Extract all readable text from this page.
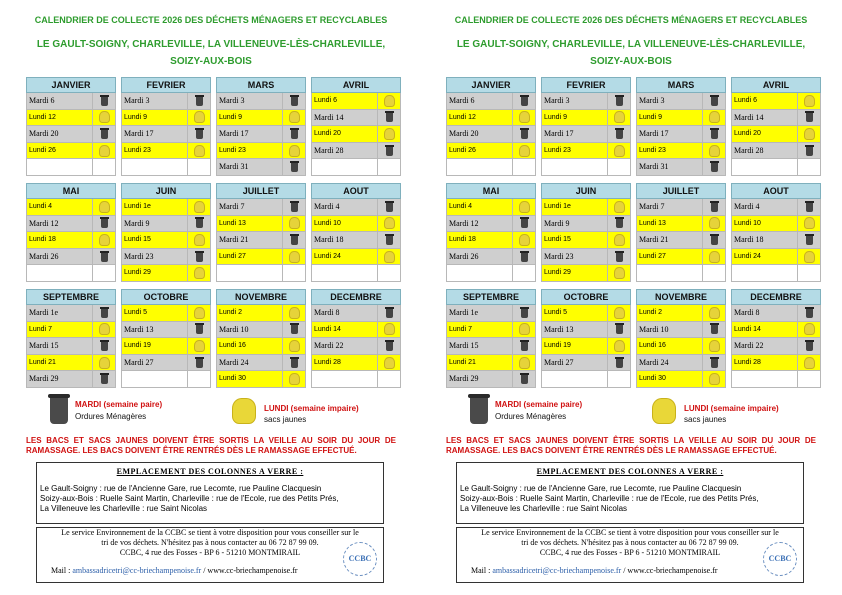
CALENDRIER DE COLLECTE 2026 DES DÉCHETS MÉNAGERS ET RECYCLABLES
LE GAULT-SOIGNY, CHARLEVILLE, LA VILLENEUVE-LÈS-CHARLEVILLE,
SOIZY-AUX-BOIS
JANVIER
Mardi 6
Lundi 12
Mardi 20
Lundi 26
FEVRIER
Mardi 3
Lundi 9
Mardi 17
Lundi 23
MARS
Mardi 3
Lundi 9
Mardi 17
Lundi 23
Mardi 31
AVRIL
Lundi 6
Mardi 14
Lundi 20
Mardi 28
MAI
Lundi 4
Mardi 12
Lundi 18
Mardi 26
JUIN
Lundi 1e
Mardi 9
Lundi 15
Mardi 23
Lundi 29
JUILLET
Mardi 7
Lundi 13
Mardi 21
Lundi 27
AOUT
Mardi 4
Lundi 10
Mardi 18
Lundi 24
SEPTEMBRE
Mardi 1e
Lundi 7
Mardi 15
Lundi 21
Mardi 29
OCTOBRE
Lundi 5
Mardi 13
Lundi 19
Mardi 27
NOVEMBRE
Lundi 2
Mardi 10
Lundi 16
Mardi 24
Lundi 30
DECEMBRE
Mardi 8
Lundi 14
Mardi 22
Lundi 28
MARDI (semaine paire)
Ordures Ménagères
LUNDI (semaine impaire)
sacs jaunes
LES BACS ET SACS JAUNES DOIVENT ÊTRE SORTIS LA VEILLE AU SOIR DU JOUR DE RAMASSAGE. LES BACS DOIVENT ÊTRE RENTRÉS DÈS LE RAMASSAGE EFFECTUÉ.
EMPLACEMENT DES COLONNES A VERRE :
Le Gault-Soigny : rue de l'Ancienne Gare, rue Lecomte, rue Pauline Clacquesin
Soizy-aux-Bois : Ruelle Saint Martin, Charleville : rue de l'Ecole, rue des Petits Prés,
La Villeneuve les Charleville : rue Saint Nicolas
Le service Environnement de la CCBC se tient à votre disposition pour vous conseiller sur le
tri de vos déchets. N'hésitez pas à nous contacter au 06 72 87 99 09.
CCBC, 4 rue des Fosses - BP 6 - 51210 MONTMIRAIL
Mail : ambassadricetri@cc-briechampenoise.fr / www.cc-briechampenoise.fr
CCBC
CALENDRIER DE COLLECTE 2026 DES DÉCHETS MÉNAGERS ET RECYCLABLES
LE GAULT-SOIGNY, CHARLEVILLE, LA VILLENEUVE-LÈS-CHARLEVILLE,
SOIZY-AUX-BOIS
JANVIER
Mardi 6
Lundi 12
Mardi 20
Lundi 26
FEVRIER
Mardi 3
Lundi 9
Mardi 17
Lundi 23
MARS
Mardi 3
Lundi 9
Mardi 17
Lundi 23
Mardi 31
AVRIL
Lundi 6
Mardi 14
Lundi 20
Mardi 28
MAI
Lundi 4
Mardi 12
Lundi 18
Mardi 26
JUIN
Lundi 1e
Mardi 9
Lundi 15
Mardi 23
Lundi 29
JUILLET
Mardi 7
Lundi 13
Mardi 21
Lundi 27
AOUT
Mardi 4
Lundi 10
Mardi 18
Lundi 24
SEPTEMBRE
Mardi 1e
Lundi 7
Mardi 15
Lundi 21
Mardi 29
OCTOBRE
Lundi 5
Mardi 13
Lundi 19
Mardi 27
NOVEMBRE
Lundi 2
Mardi 10
Lundi 16
Mardi 24
Lundi 30
DECEMBRE
Mardi 8
Lundi 14
Mardi 22
Lundi 28
MARDI (semaine paire)
Ordures Ménagères
LUNDI (semaine impaire)
sacs jaunes
LES BACS ET SACS JAUNES DOIVENT ÊTRE SORTIS LA VEILLE AU SOIR DU JOUR DE RAMASSAGE. LES BACS DOIVENT ÊTRE RENTRÉS DÈS LE RAMASSAGE EFFECTUÉ.
EMPLACEMENT DES COLONNES A VERRE :
Le Gault-Soigny : rue de l'Ancienne Gare, rue Lecomte, rue Pauline Clacquesin
Soizy-aux-Bois : Ruelle Saint Martin, Charleville : rue de l'Ecole, rue des Petits Prés,
La Villeneuve les Charleville : rue Saint Nicolas
Le service Environnement de la CCBC se tient à votre disposition pour vous conseiller sur le
tri de vos déchets. N'hésitez pas à nous contacter au 06 72 87 99 09.
CCBC, 4 rue des Fosses - BP 6 - 51210 MONTMIRAIL
Mail : ambassadricetri@cc-briechampenoise.fr / www.cc-briechampenoise.fr
CCBC
